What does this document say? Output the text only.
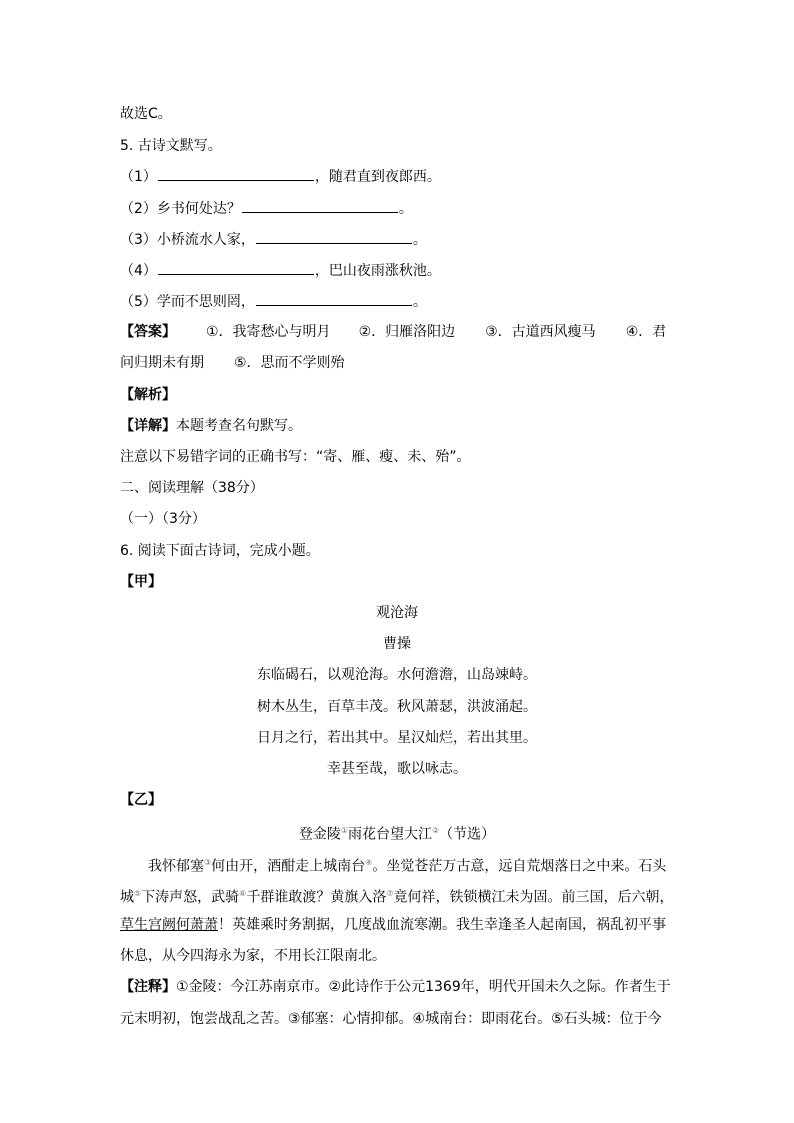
故选C。
5. 古诗文默写。
（1）	，随君直到夜郎西。
（2）乡书何处达？	。
（3）小桥流水人家，	。
（4）	，巴山夜雨涨秋池。
（5）学而不思则罔，	。
【答案】 ①．我寄愁心与明月 ②．归雁洛阳边 ③．古道西风瘦马 ④．君
问归期未有期 ⑤．思而不学则殆
【解析】
【详解】本题考查名句默写。
注意以下易错字词的正确书写：“寄、雁、瘦、未、殆”。
二、阅读理解（38分）
（一）（3分）
6. 阅读下面古诗词，完成小题。
【甲】
观沧海
曹操
东临碣石，以观沧海。水何澹澹，山岛竦峙。
树木丛生，百草丰茂。秋风萧瑟，洪波涌起。
日月之行，若出其中。星汉灿烂，若出其里。
幸甚至哉，歌以咏志。
【乙】
登金陵①雨花台望大江②（节选）
我怀郁塞③何由开，酒酣走上城南台④。坐觉苍茫万古意，远自荒烟落日之中来。石头
城⑤下涛声怒，武骑⑥千群谁敢渡？黄旗入洛⑦竟何祥，铁锁横江未为固。前三国，后六朝，
草生宫阙何萧萧！英雄乘时务割据，几度战血流寒潮。我生幸逢圣人起南国，祸乱初平事
休息，从今四海永为家，不用长江限南北。
【注释】①金陵：今江苏南京市。②此诗作于公元1369年，明代开国未久之际。作者生于
元末明初，饱尝战乱之苦。③郁塞：心情抑郁。④城南台：即雨花台。⑤石头城：位于今
